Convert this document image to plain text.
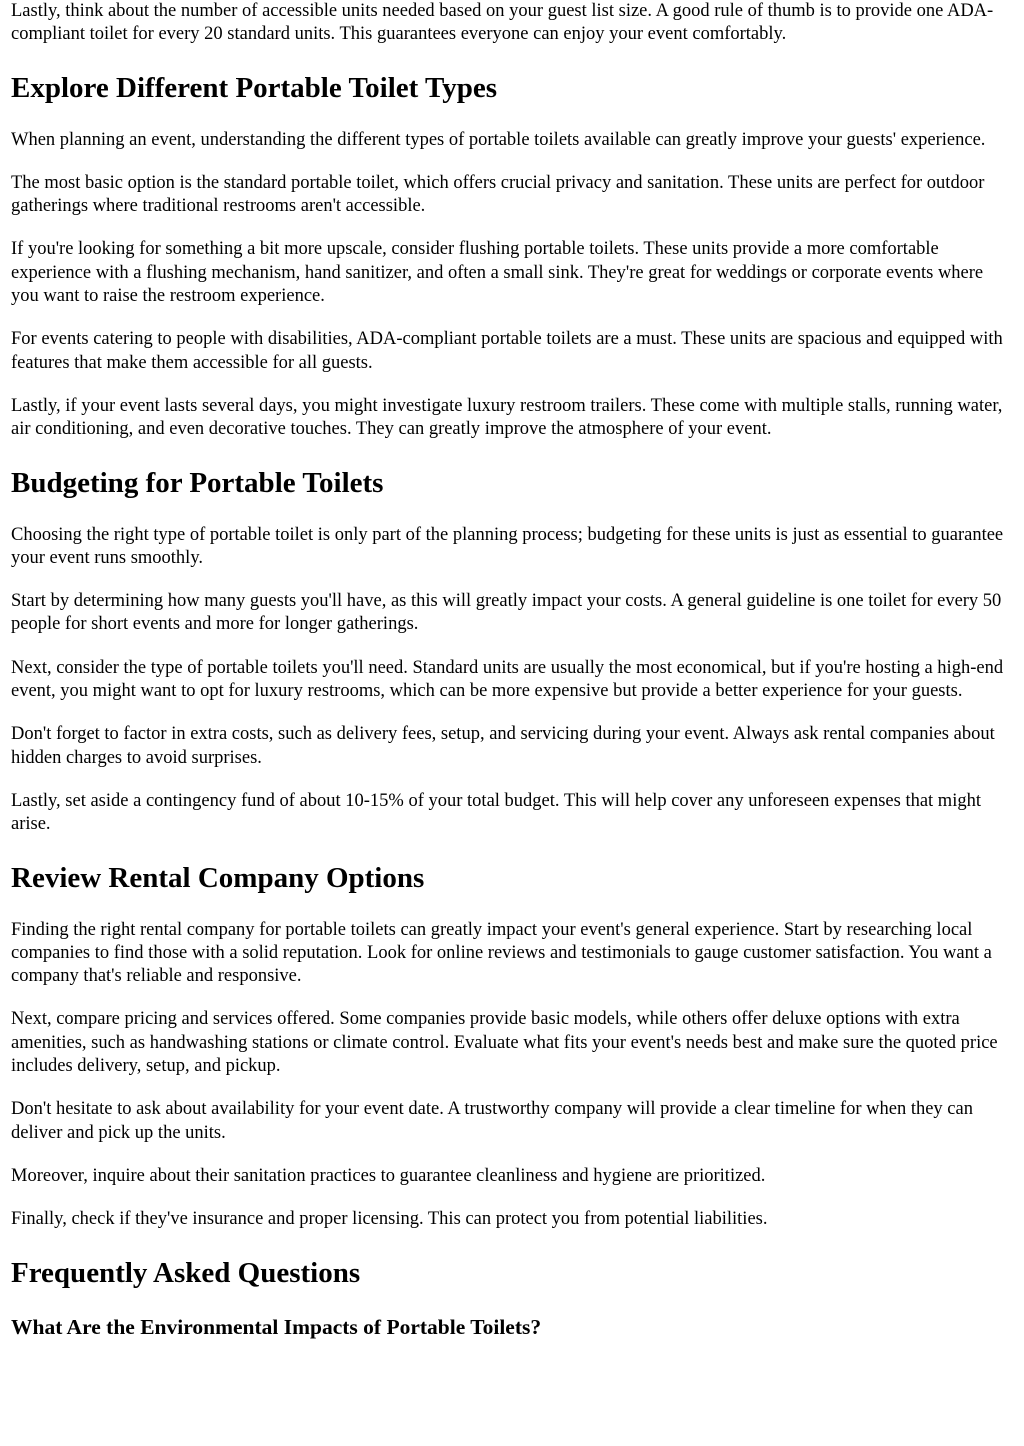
Lastly, think about the number of accessible units needed based on your guest list size. A good rule of thumb is to provide one ADA-compliant toilet for every 20 standard units. This guarantees everyone can enjoy your event comfortably.

Explore Different Portable Toilet Types

When planning an event, understanding the different types of portable toilets available can greatly improve your guests' experience.

The most basic option is the standard portable toilet, which offers crucial privacy and sanitation. These units are perfect for outdoor gatherings where traditional restrooms aren't accessible.

If you're looking for something a bit more upscale, consider flushing portable toilets. These units provide a more comfortable experience with a flushing mechanism, hand sanitizer, and often a small sink. They're great for weddings or corporate events where you want to raise the restroom experience.

For events catering to people with disabilities, ADA-compliant portable toilets are a must. These units are spacious and equipped with features that make them accessible for all guests.

Lastly, if your event lasts several days, you might investigate luxury restroom trailers. These come with multiple stalls, running water, air conditioning, and even decorative touches. They can greatly improve the atmosphere of your event.

Budgeting for Portable Toilets

Choosing the right type of portable toilet is only part of the planning process; budgeting for these units is just as essential to guarantee your event runs smoothly.

Start by determining how many guests you'll have, as this will greatly impact your costs. A general guideline is one toilet for every 50 people for short events and more for longer gatherings.

Next, consider the type of portable toilets you'll need. Standard units are usually the most economical, but if you're hosting a high-end event, you might want to opt for luxury restrooms, which can be more expensive but provide a better experience for your guests.

Don't forget to factor in extra costs, such as delivery fees, setup, and servicing during your event. Always ask rental companies about hidden charges to avoid surprises.

Lastly, set aside a contingency fund of about 10-15% of your total budget. This will help cover any unforeseen expenses that might arise.

Review Rental Company Options

Finding the right rental company for portable toilets can greatly impact your event's general experience. Start by researching local companies to find those with a solid reputation. Look for online reviews and testimonials to gauge customer satisfaction. You want a company that's reliable and responsive.

Next, compare pricing and services offered. Some companies provide basic models, while others offer deluxe options with extra amenities, such as handwashing stations or climate control. Evaluate what fits your event's needs best and make sure the quoted price includes delivery, setup, and pickup.

Don't hesitate to ask about availability for your event date. A trustworthy company will provide a clear timeline for when they can deliver and pick up the units.

Moreover, inquire about their sanitation practices to guarantee cleanliness and hygiene are prioritized.

Finally, check if they've insurance and proper licensing. This can protect you from potential liabilities.

Frequently Asked Questions
What Are the Environmental Impacts of Portable Toilets?
